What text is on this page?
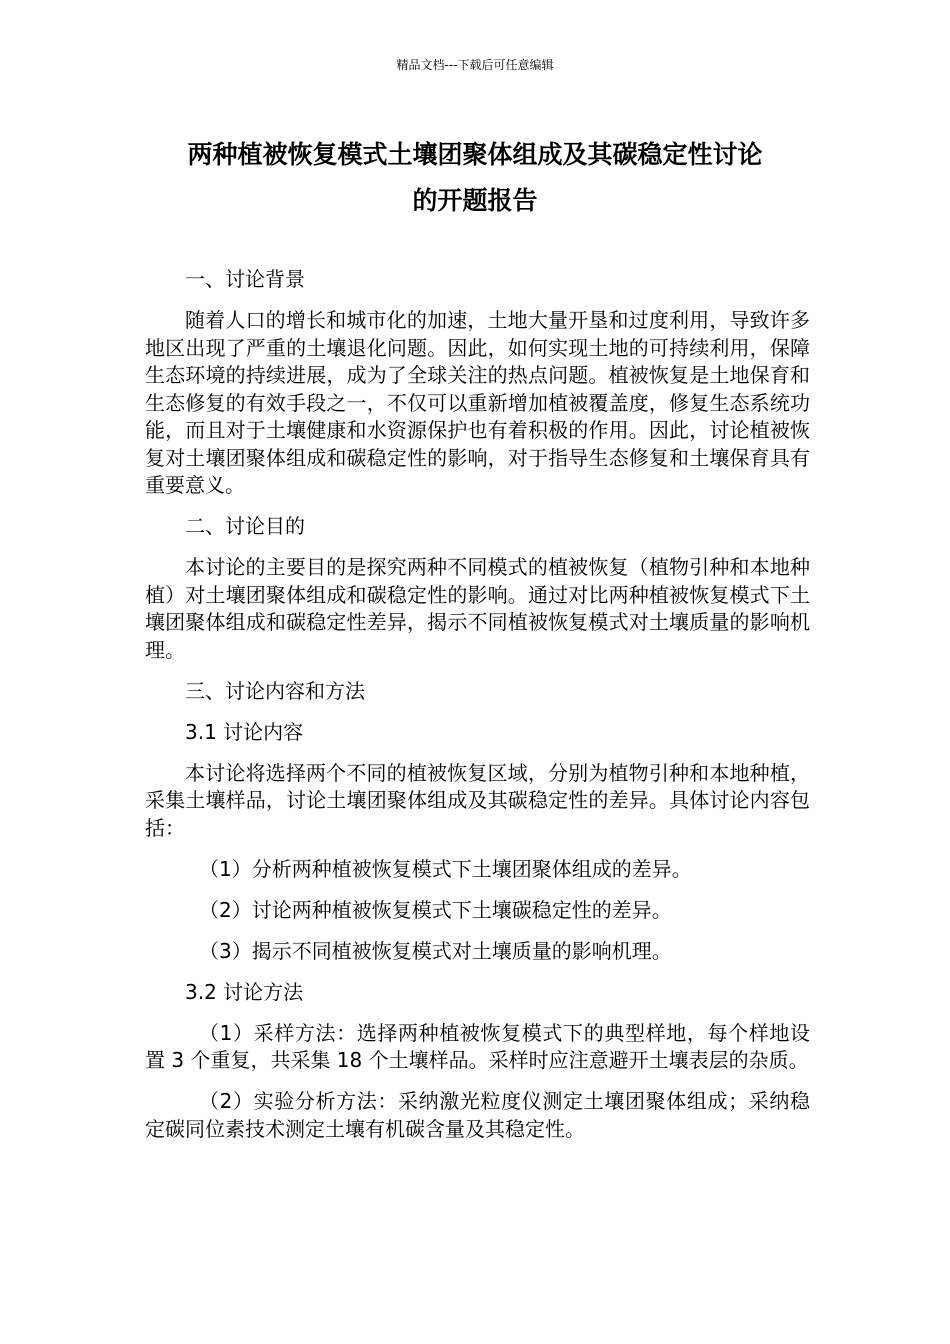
精品文档---下载后可任意编辑
两种植被恢复模式土壤团聚体组成及其碳稳定性讨论
的开题报告

一、讨论背景

随着人口的增长和城市化的加速，土地大量开垦和过度利用，导致许多地区出现了严重的土壤退化问题。因此，如何实现土地的可持续利用，保障生态环境的持续进展，成为了全球关注的热点问题。植被恢复是土地保育和生态修复的有效手段之一，不仅可以重新增加植被覆盖度，修复生态系统功能，而且对于土壤健康和水资源保护也有着积极的作用。因此，讨论植被恢复对土壤团聚体组成和碳稳定性的影响，对于指导生态修复和土壤保育具有重要意义。

二、讨论目的

本讨论的主要目的是探究两种不同模式的植被恢复（植物引种和本地种植）对土壤团聚体组成和碳稳定性的影响。通过对比两种植被恢复模式下土壤团聚体组成和碳稳定性差异，揭示不同植被恢复模式对土壤质量的影响机理。

三、讨论内容和方法

3.1 讨论内容

本讨论将选择两个不同的植被恢复区域，分别为植物引种和本地种植，采集土壤样品，讨论土壤团聚体组成及其碳稳定性的差异。具体讨论内容包括：

（1）分析两种植被恢复模式下土壤团聚体组成的差异。

（2）讨论两种植被恢复模式下土壤碳稳定性的差异。

（3）揭示不同植被恢复模式对土壤质量的影响机理。

3.2 讨论方法

（1）采样方法：选择两种植被恢复模式下的典型样地，每个样地设置 3 个重复，共采集 18 个土壤样品。采样时应注意避开土壤表层的杂质。

（2）实验分析方法：采纳激光粒度仪测定土壤团聚体组成；采纳稳定碳同位素技术测定土壤有机碳含量及其稳定性。
